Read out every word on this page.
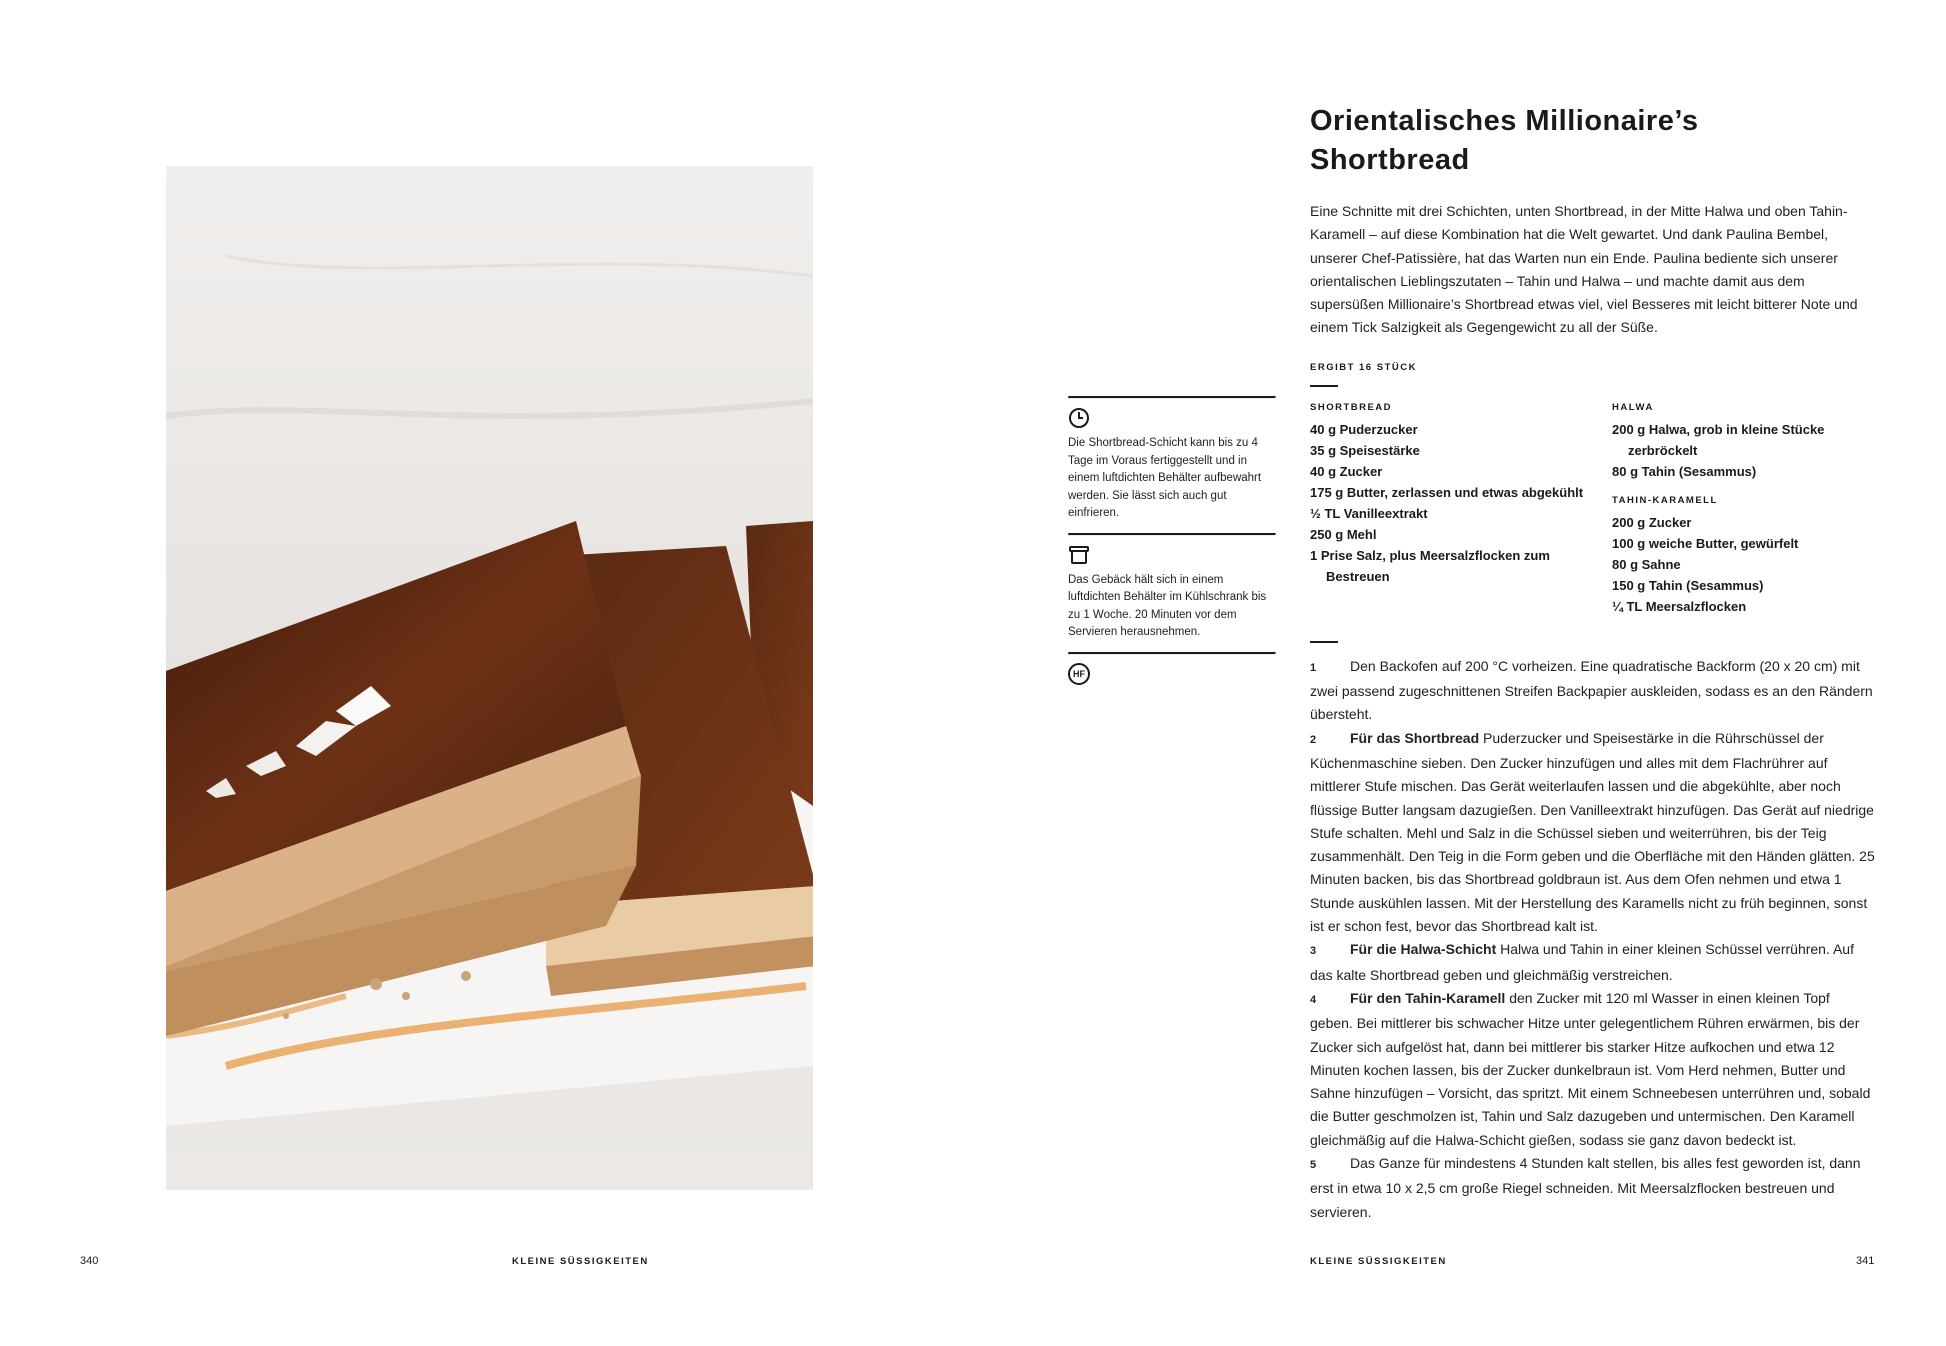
Die Shortbread-Schicht kann bis zu 4 Tage im Voraus fertiggestellt und in einem luftdichten Behälter aufbewahrt werden. Sie lässt sich auch gut einfrieren.

Das Gebäck hält sich in einem luftdichten Behälter im Kühlschrank bis zu 1 Woche. 20 Minuten vor dem Servieren herausnehmen.

HF
Orientalisches Millionaire’s
Shortbread

Eine Schnitte mit drei Schichten, unten Shortbread, in der Mitte Halwa und oben Tahin-Karamell – auf diese Kombination hat die Welt gewartet. Und dank Paulina Bembel, unserer Chef-Patissière, hat das Warten nun ein Ende. Paulina bediente sich unserer orientalischen Lieblingszutaten – Tahin und Halwa – und machte damit aus dem supersüßen Millionaire’s Shortbread etwas viel, viel Besseres mit leicht bitterer Note und einem Tick Salzigkeit als Gegengewicht zu all der Süße.

ERGIBT 16 STÜCK

SHORTBREAD

40 g Puderzucker
35 g Speisestärke
40 g Zucker
175 g Butter, zerlassen und etwas abgekühlt
½ TL Vanilleextrakt
250 g Mehl
1 Prise Salz, plus Meersalzflocken zum Bestreuen

HALWA

200 g Halwa, grob in kleine Stücke zerbröckelt
80 g Tahin (Sesammus)

TAHIN-KARAMELL

200 g Zucker
100 g weiche Butter, gewürfelt
80 g Sahne
150 g Tahin (Sesammus)
¼ TL Meersalzflocken

1 Den Backofen auf 200 °C vorheizen. Eine quadratische Backform (20 x 20 cm) mit zwei passend zugeschnittenen Streifen Backpapier auskleiden, sodass es an den Rändern übersteht.

2 Für das Shortbread Puderzucker und Speisestärke in die Rührschüssel der Küchenmaschine sieben. Den Zucker hinzufügen und alles mit dem Flachrührer auf mittlerer Stufe mischen. Das Gerät weiterlaufen lassen und die abgekühlte, aber noch flüssige Butter langsam dazugießen. Den Vanilleextrakt hinzufügen. Das Gerät auf niedrige Stufe schalten. Mehl und Salz in die Schüssel sieben und weiterrühren, bis der Teig zusammenhält. Den Teig in die Form geben und die Oberfläche mit den Händen glätten. 25 Minuten backen, bis das Shortbread goldbraun ist. Aus dem Ofen nehmen und etwa 1 Stunde auskühlen lassen. Mit der Herstellung des Karamells nicht zu früh beginnen, sonst ist er schon fest, bevor das Shortbread kalt ist.

3 Für die Halwa-Schicht Halwa und Tahin in einer kleinen Schüssel verrühren. Auf das kalte Shortbread geben und gleichmäßig verstreichen.

4 Für den Tahin-Karamell den Zucker mit 120 ml Wasser in einen kleinen Topf geben. Bei mittlerer bis schwacher Hitze unter gelegentlichem Rühren erwärmen, bis der Zucker sich aufgelöst hat, dann bei mittlerer bis starker Hitze aufkochen und etwa 12 Minuten kochen lassen, bis der Zucker dunkelbraun ist. Vom Herd nehmen, Butter und Sahne hinzufügen – Vorsicht, das spritzt. Mit einem Schneebesen unterrühren und, sobald die Butter geschmolzen ist, Tahin und Salz dazugeben und untermischen. Den Karamell gleichmäßig auf die Halwa-Schicht gießen, sodass sie ganz davon bedeckt ist.

5 Das Ganze für mindestens 4 Stunden kalt stellen, bis alles fest geworden ist, dann erst in etwa 10 x 2,5 cm große Riegel schneiden. Mit Meersalzflocken bestreuen und servieren.

340	KLEINE SÜSSIGKEITEN	KLEINE SÜSSIGKEITEN	341
